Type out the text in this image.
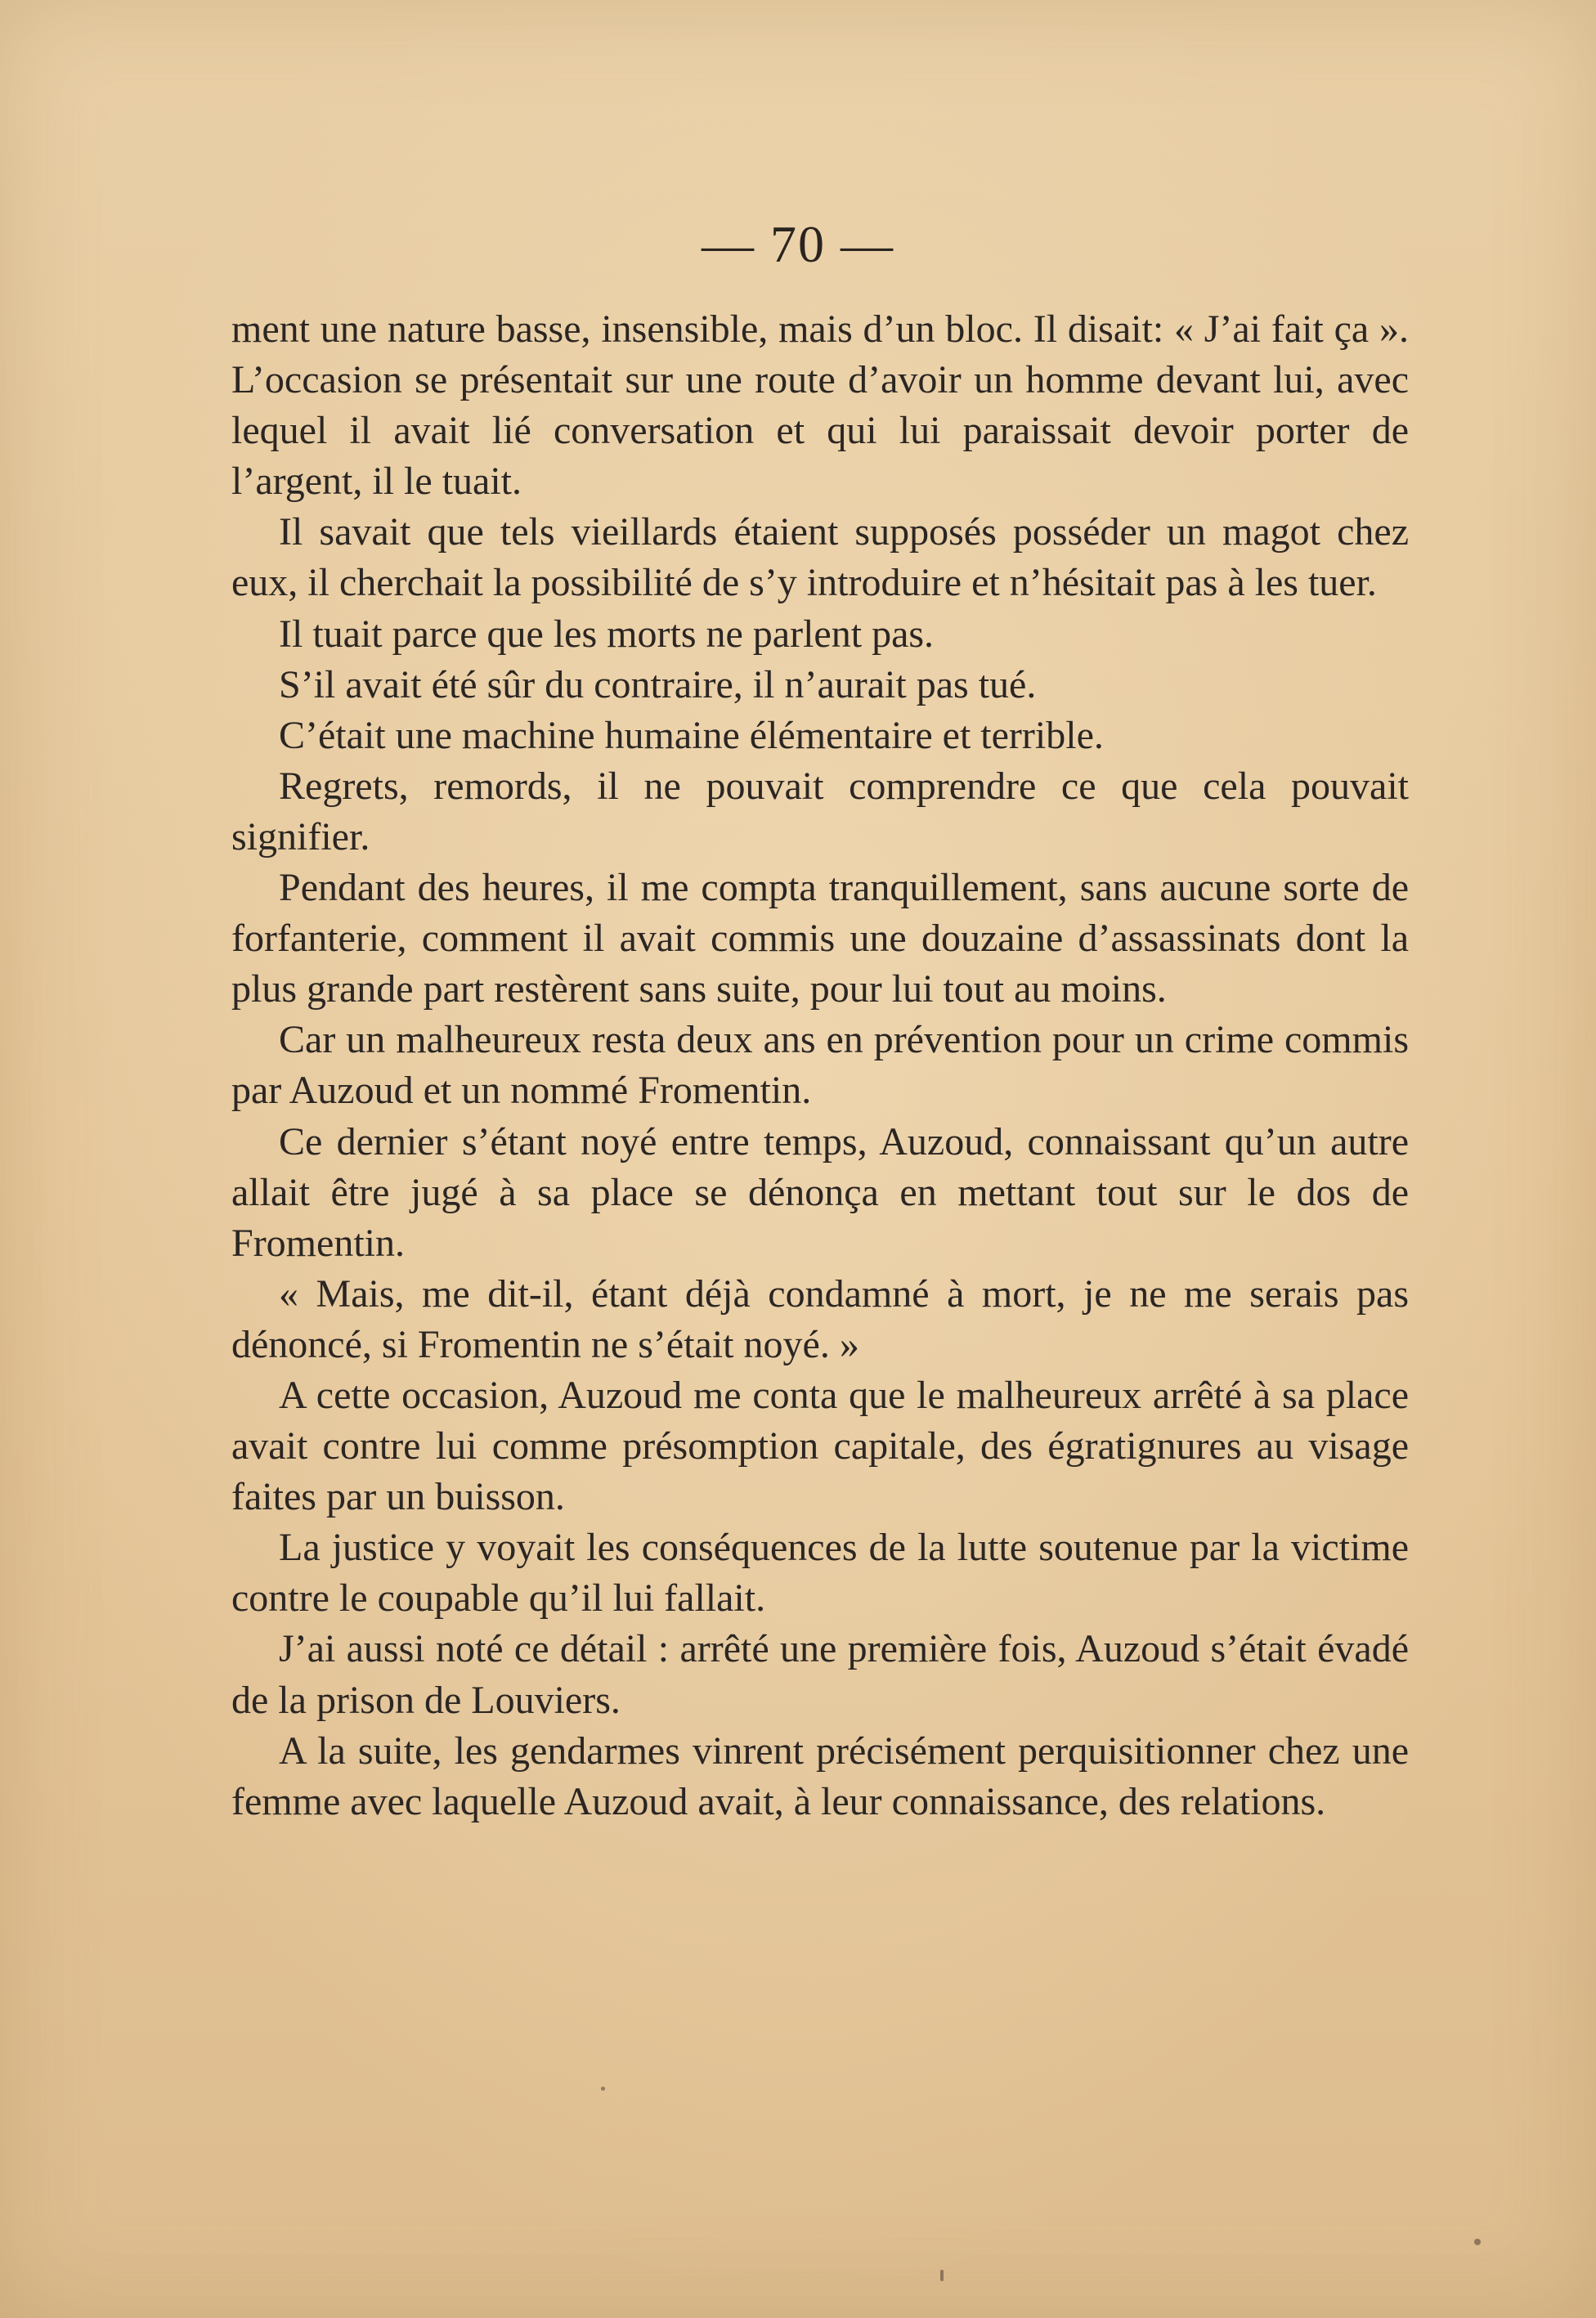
— 70 —

ment une nature basse, insensible, mais d’un bloc. Il disait: « J’ai fait ça ». L’occasion se présentait sur une route d’avoir un homme devant lui, avec lequel il avait lié conversation et qui lui paraissait devoir porter de l’argent, il le tuait.

Il savait que tels vieillards étaient supposés posséder un magot chez eux, il cherchait la possibilité de s’y introduire et n’hésitait pas à les tuer.

Il tuait parce que les morts ne parlent pas.

S’il avait été sûr du contraire, il n’aurait pas tué.

C’était une machine humaine élémentaire et terrible.

Regrets, remords, il ne pouvait comprendre ce que cela pouvait signifier.

Pendant des heures, il me compta tranquillement, sans aucune sorte de forfanterie, comment il avait commis une douzaine d’assassinats dont la plus grande part restèrent sans suite, pour lui tout au moins.

Car un malheureux resta deux ans en prévention pour un crime commis par Auzoud et un nommé Fromentin.

Ce dernier s’étant noyé entre temps, Auzoud, connaissant qu’un autre allait être jugé à sa place se dénonça en mettant tout sur le dos de Fromentin.

« Mais, me dit-il, étant déjà condamné à mort, je ne me serais pas dénoncé, si Fromentin ne s’était noyé. »

A cette occasion, Auzoud me conta que le malheureux arrêté à sa place avait contre lui comme présomption capitale, des égratignures au visage faites par un buisson.

La justice y voyait les conséquences de la lutte soutenue par la victime contre le coupable qu’il lui fallait.

J’ai aussi noté ce détail : arrêté une première fois, Auzoud s’était évadé de la prison de Louviers.

A la suite, les gendarmes vinrent précisément perquisitionner chez une femme avec laquelle Auzoud avait, à leur connaissance, des relations.
